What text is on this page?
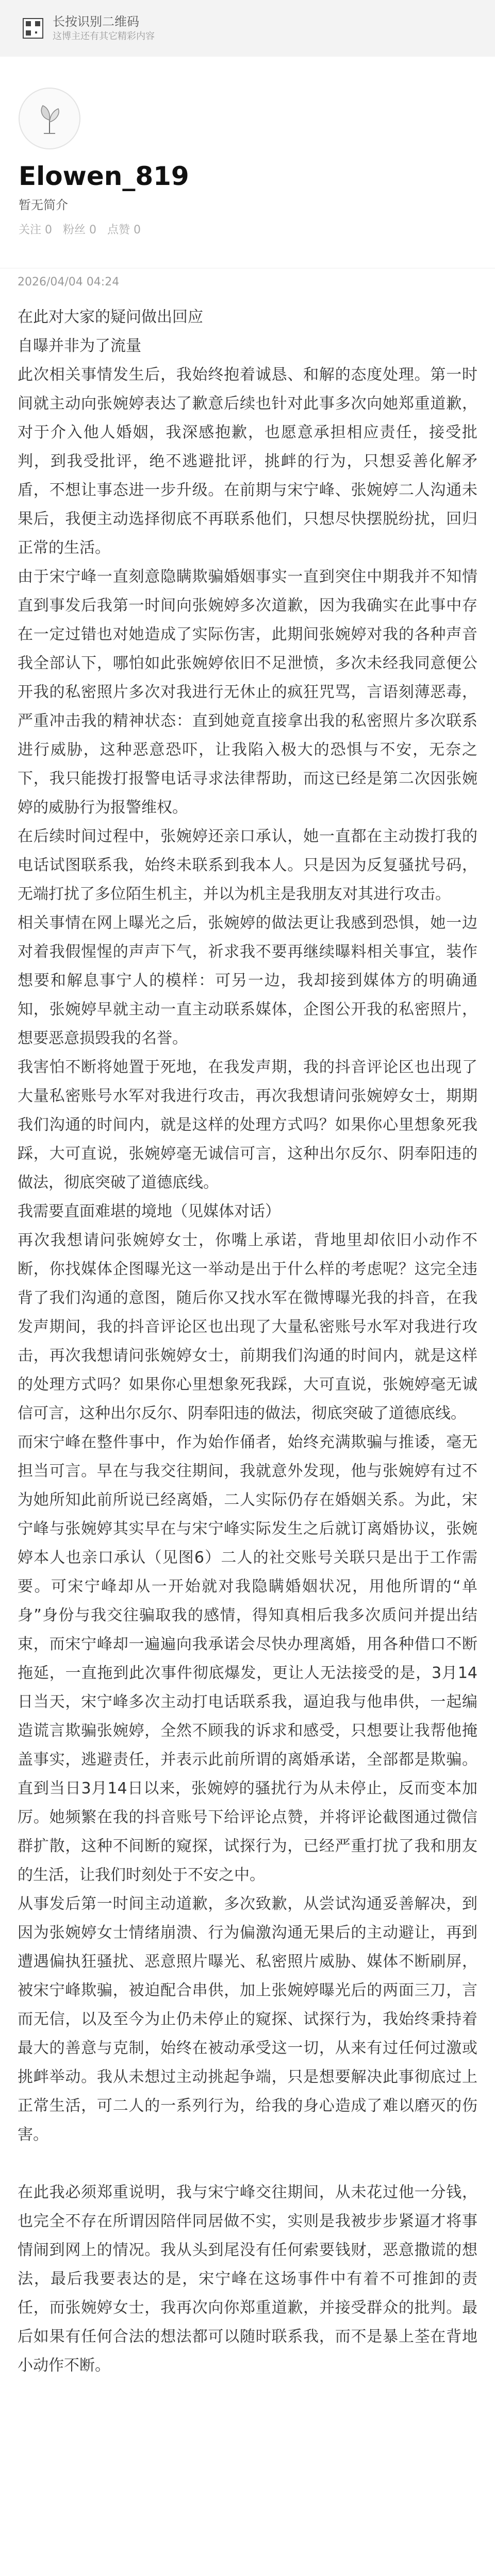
长按识别二维码
这博主还有其它精彩内容
Elowen_819
暂无简介
关注 0 粉丝 0 点赞 0
2026/04/04 04:24

在此对大家的疑问做出回应

自曝并非为了流量

此次相关事情发生后，我始终抱着诚恳、和解的态度处理。第一时间就主动向张婉婷表达了歉意后续也针对此事多次向她郑重道歉，对于介入他人婚姻，我深感抱歉，也愿意承担相应责任，接受批判，到我受批评，绝不逃避批评，挑衅的行为，只想妥善化解矛盾，不想让事态进一步升级。在前期与宋宁峰、张婉婷二人沟通未果后，我便主动选择彻底不再联系他们，只想尽快摆脱纷扰，回归正常的生活。

由于宋宁峰一直刻意隐瞒欺骗婚姻事实一直到突住中期我并不知情直到事发后我第一时间向张婉婷多次道歉，因为我确实在此事中存在一定过错也对她造成了实际伤害，此期间张婉婷对我的各种声音我全部认下，哪怕如此张婉婷依旧不足泄愤，多次未经我同意便公开我的私密照片多次对我进行无休止的疯狂咒骂，言语刻薄恶毒，严重冲击我的精神状态：直到她竟直接拿出我的私密照片多次联系进行威胁，这种恶意恐吓，让我陷入极大的恐惧与不安，无奈之下，我只能拨打报警电话寻求法律帮助，而这已经是第二次因张婉婷的威胁行为报警维权。

在后续时间过程中，张婉婷还亲口承认，她一直都在主动拨打我的电话试图联系我，始终未联系到我本人。只是因为反复骚扰号码，无端打扰了多位陌生机主，并以为机主是我朋友对其进行攻击。

相关事情在网上曝光之后，张婉婷的做法更让我感到恐惧，她一边对着我假惺惺的声声下气，祈求我不要再继续曝料相关事宜，装作想要和解息事宁人的模样：可另一边，我却接到媒体方的明确通知，张婉婷早就主动一直主动联系媒体，企图公开我的私密照片，想要恶意损毁我的名誉。

我害怕不断将她置于死地，在我发声期，我的抖音评论区也出现了大量私密账号水军对我进行攻击，再次我想请问张婉婷女士，期期我们沟通的时间内，就是这样的处理方式吗？如果你心里想象死我踩，大可直说，张婉婷毫无诚信可言，这种出尔反尔、阴奉阳违的做法，彻底突破了道德底线。

我需要直面难堪的境地（见媒体对话）

再次我想请问张婉婷女士，你嘴上承诺，背地里却依旧小动作不断，你找媒体企图曝光这一举动是出于什么样的考虑呢？这完全违背了我们沟通的意图，随后你又找水军在微博曝光我的抖音，在我发声期间，我的抖音评论区也出现了大量私密账号水军对我进行攻击，再次我想请问张婉婷女士，前期我们沟通的时间内，就是这样的处理方式吗？如果你心里想象死我踩，大可直说，张婉婷毫无诚信可言，这种出尔反尔、阴奉阳违的做法，彻底突破了道德底线。

而宋宁峰在整件事中，作为始作俑者，始终充满欺骗与推诿，毫无担当可言。早在与我交往期间，我就意外发现，他与张婉婷有过不为她所知此前所说已经离婚，二人实际仍存在婚姻关系。为此，宋宁峰与张婉婷其实早在与宋宁峰实际发生之后就订离婚协议，张婉婷本人也亲口承认（见图6）二人的社交账号关联只是出于工作需要。可宋宁峰却从一开始就对我隐瞒婚姻状况，用他所谓的“单身”身份与我交往骗取我的感情，得知真相后我多次质问并提出结束，而宋宁峰却一遍遍向我承诺会尽快办理离婚，用各种借口不断拖延，一直拖到此次事件彻底爆发，更让人无法接受的是，3月14日当天，宋宁峰多次主动打电话联系我，逼迫我与他串供，一起编造谎言欺骗张婉婷，全然不顾我的诉求和感受，只想要让我帮他掩盖事实，逃避责任，并表示此前所谓的离婚承诺，全部都是欺骗。直到当日3月14日以来，张婉婷的骚扰行为从未停止，反而变本加厉。她频繁在我的抖音账号下给评论点赞，并将评论截图通过微信群扩散，这种不间断的窥探，试探行为，已经严重打扰了我和朋友的生活，让我们时刻处于不安之中。

从事发后第一时间主动道歉，多次致歉，从尝试沟通妥善解决，到因为张婉婷女士情绪崩溃、行为偏激沟通无果后的主动避让，再到遭遇偏执狂骚扰、恶意照片曝光、私密照片威胁、媒体不断刷屏，被宋宁峰欺骗，被迫配合串供，加上张婉婷曝光后的两面三刀，言而无信，以及至今为止仍未停止的窥探、试探行为，我始终秉持着最大的善意与克制，始终在被动承受这一切，从来有过任何过激或挑衅举动。我从未想过主动挑起争端，只是想要解决此事彻底过上正常生活，可二人的一系列行为，给我的身心造成了难以磨灭的伤害。

在此我必须郑重说明，我与宋宁峰交往期间，从未花过他一分钱，也完全不存在所谓因陪伴同居做不实，实则是我被步步紧逼才将事情闹到网上的情况。我从头到尾没有任何索要钱财，恶意撒谎的想法，最后我要表达的是，宋宁峰在这场事件中有着不可推卸的责任，而张婉婷女士，我再次向你郑重道歉，并接受群众的批判。最后如果有任何合法的想法都可以随时联系我，而不是暴上荃在背地小动作不断。
